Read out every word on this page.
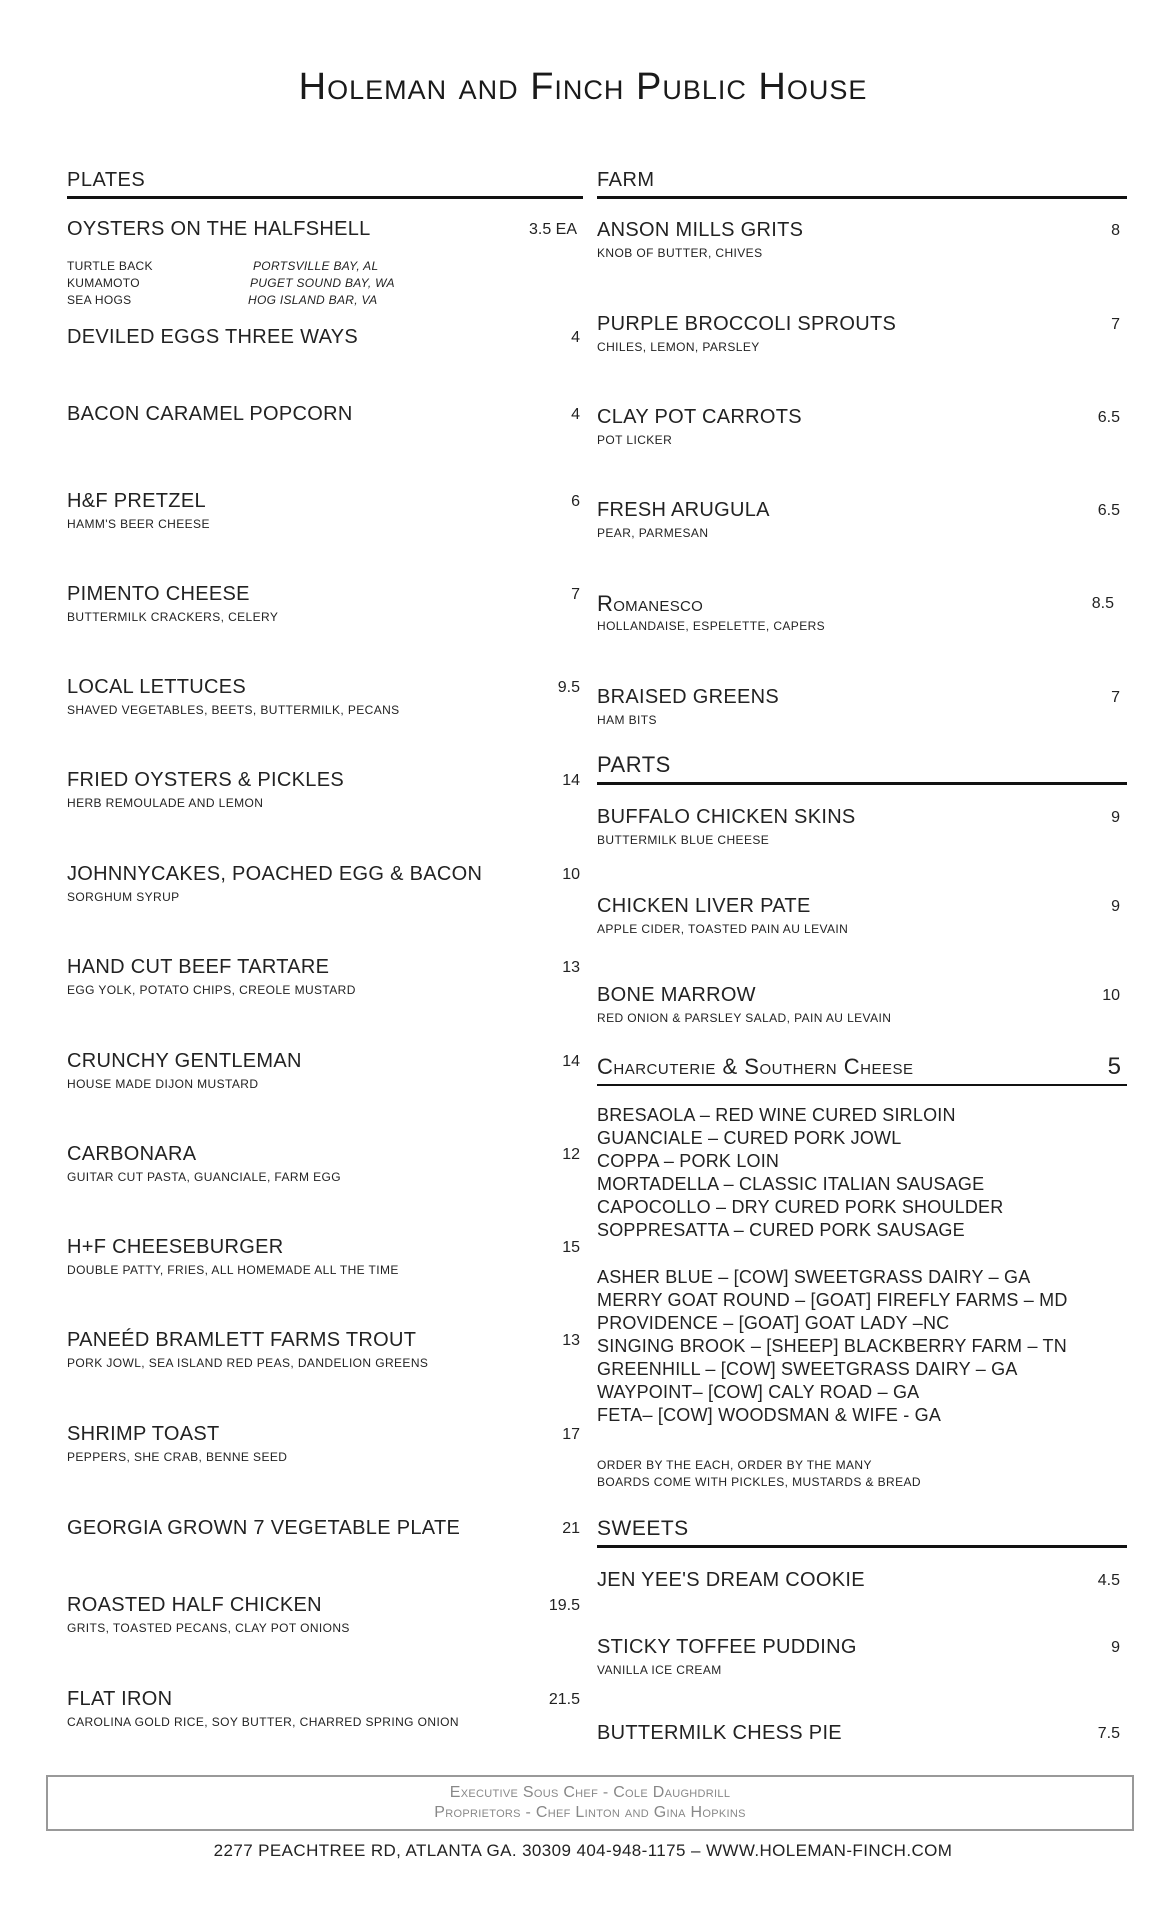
Holeman and Finch Public House
PLATES
OYSTERS ON THE HALFSHELL	3.5 EA
TURTLE BACK	PORTSVILLE BAY, AL
KUMAMOTO	PUGET SOUND BAY, WA
SEA HOGS	HOG ISLAND BAR, VA
DEVILED EGGS THREE WAYS	4
BACON CARAMEL POPCORN	4
H&F PRETZEL	6
HAMM'S BEER CHEESE
PIMENTO CHEESE	7
BUTTERMILK CRACKERS, CELERY
LOCAL LETTUCES	9.5
SHAVED VEGETABLES, BEETS, BUTTERMILK, PECANS
FRIED OYSTERS & PICKLES	14
HERB REMOULADE AND LEMON
JOHNNYCAKES, POACHED EGG & BACON	10
SORGHUM SYRUP
HAND CUT BEEF TARTARE	13
EGG YOLK, POTATO CHIPS, CREOLE MUSTARD
CRUNCHY GENTLEMAN	14
HOUSE MADE DIJON MUSTARD
CARBONARA	12
GUITAR CUT PASTA, GUANCIALE, FARM EGG
H+F CHEESEBURGER	15
DOUBLE PATTY, FRIES, ALL HOMEMADE ALL THE TIME
PANEÉD BRAMLETT FARMS TROUT	13
PORK JOWL, SEA ISLAND RED PEAS, DANDELION GREENS
SHRIMP TOAST	17
PEPPERS, SHE CRAB, BENNE SEED
GEORGIA GROWN 7 VEGETABLE PLATE	21
ROASTED HALF CHICKEN	19.5
GRITS, TOASTED PECANS, CLAY POT ONIONS
FLAT IRON	21.5
CAROLINA GOLD RICE, SOY BUTTER, CHARRED SPRING ONION
FARM
ANSON MILLS GRITS	8
KNOB OF BUTTER, CHIVES
PURPLE BROCCOLI SPROUTS	7
CHILES, LEMON, PARSLEY
CLAY POT CARROTS	6.5
POT LICKER
FRESH ARUGULA	6.5
PEAR, PARMESAN
Romanesco	8.5
HOLLANDAISE, ESPELETTE, CAPERS
BRAISED GREENS	7
HAM BITS
PARTS
BUFFALO CHICKEN SKINS	9
BUTTERMILK BLUE CHEESE
CHICKEN LIVER PATE	9
APPLE CIDER, TOASTED PAIN AU LEVAIN
BONE MARROW	10
RED ONION & PARSLEY SALAD, PAIN AU LEVAIN
Charcuterie & Southern Cheese	5
BRESAOLA – RED WINE CURED SIRLOIN
GUANCIALE – CURED PORK JOWL
COPPA – PORK LOIN
MORTADELLA – CLASSIC ITALIAN SAUSAGE
CAPOCOLLO – DRY CURED PORK SHOULDER
SOPPRESATTA – CURED PORK SAUSAGE
ASHER BLUE – [COW] SWEETGRASS DAIRY – GA
MERRY GOAT ROUND – [GOAT] FIREFLY FARMS – MD
PROVIDENCE – [GOAT] GOAT LADY –NC
SINGING BROOK – [SHEEP] BLACKBERRY FARM – TN
GREENHILL – [COW] SWEETGRASS DAIRY – GA
WAYPOINT– [COW] CALY ROAD – GA
FETA– [COW] WOODSMAN & WIFE - GA
ORDER BY THE EACH, ORDER BY THE MANY
BOARDS COME WITH PICKLES, MUSTARDS & BREAD
SWEETS
JEN YEE'S DREAM COOKIE	4.5
STICKY TOFFEE PUDDING	9
VANILLA ICE CREAM
BUTTERMILK CHESS PIE	7.5
Executive Sous Chef - Cole Daughdrill
Proprietors - Chef Linton and Gina Hopkins
2277 PEACHTREE RD, ATLANTA GA. 30309 404-948-1175 – WWW.HOLEMAN-FINCH.COM
